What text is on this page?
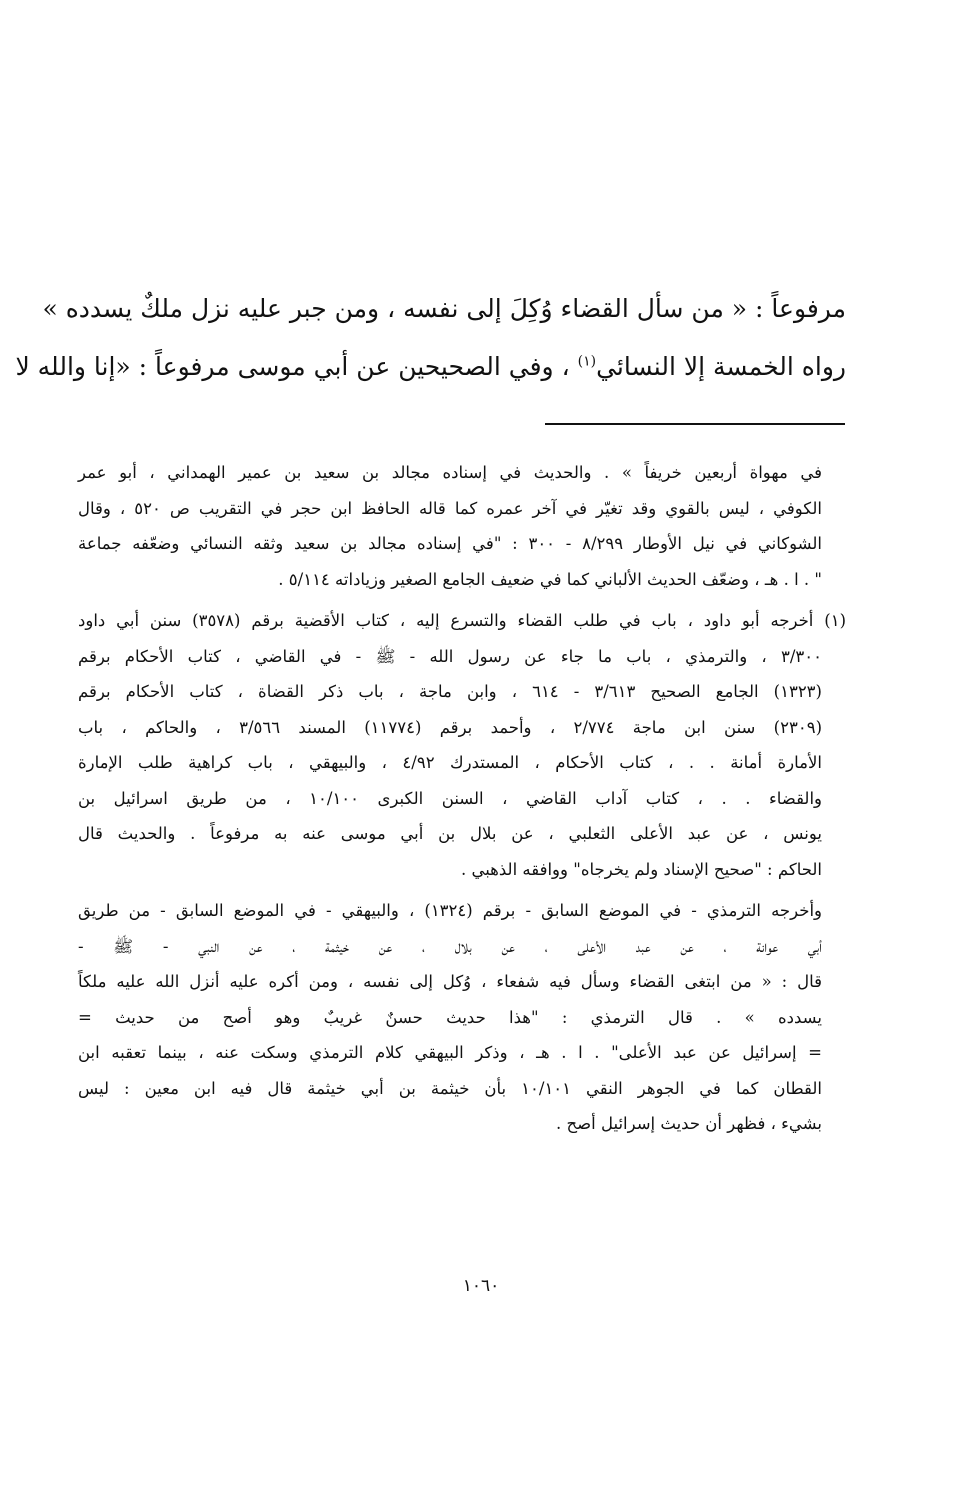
مرفوعاً : « من سأل القضاء وُكِلَ إلى نفسه ، ومن جبر عليه نزل ملكٌ يسدده »
رواه الخمسة إلا النسائي$^{(١)}$ ، وفي الصحيحين عن أبي موسى مرفوعاً : «إنا والله لا
في مهواة أربعين خريفاً » . والحديث في إسناده مجالد بن سعيد بن عمير الهمداني ، أبو عمر
الكوفي ، ليس بالقوي وقد تغيّر في آخر عمره كما قاله الحافظ ابن حجر في التقريب ص ٥٢٠ ، وقال
الشوكاني في نيل الأوطار ٨/٢٩٩ - ٣٠٠ : "في إسناده مجالد بن سعيد وثقه النسائي وضعّفه جماعة
" . ا . هـ ، وضعّف الحديث الألباني كما في ضعيف الجامع الصغير وزياداته ٥/١١٤ .
(١) أخرجه أبو داود ، باب في طلب القضاء والتسرع إليه ، كتاب الأقضية برقم (٣٥٧٨) سنن أبي داود
٣/٣٠٠ ، والترمذي ، باب ما جاء عن رسول الله - ﷺ - في القاضي ، كتاب الأحكام برقم
(١٣٢٣) الجامع الصحيح ٣/٦١٣ - ٦١٤ ، وابن ماجة ، باب ذكر القضاة ، كتاب الأحكام برقم
(٢٣٠٩) سنن ابن ماجة ٢/٧٧٤ ، وأحمد برقم (١١٧٧٤) المسند ٣/٥٦٦ ، والحاكم ، باب
الأمارة أمانة . . ، كتاب الأحكام ، المستدرك ٤/٩٢ ، والبيهقي ، باب كراهية طلب الإمارة
والقضاء . . ، كتاب آداب القاضي ، السنن الكبرى ١٠/١٠٠ ، من طريق اسرائيل بن
يونس ، عن عبد الأعلى الثعلبي ، عن بلال بن أبي موسى عنه به مرفوعاً . والحديث قال
الحاكم : "صحيح الإسناد ولم يخرجاه" ووافقه الذهبي .
وأخرجه الترمذي - في الموضع السابق - برقم (١٣٢٤) ، والبيهقي - في الموضع السابق - من طريق
أبي عوانة ، عن عبد الأعلى ، عن بلال ، عن خيثمة ، عن النبي - ﷺ -
قال : « من ابتغى القضاء وسأل فيه شفعاء ، وُكل إلى نفسه ، ومن أكره عليه أنزل الله عليه ملكاً
يسدده » . قال الترمذي : "هذا حديث حسنٌ غريبٌ وهو أصح من حديث =
= إسرائيل عن عبد الأعلى" . ا . هـ ، وذكر البيهقي كلام الترمذي وسكت عنه ، بينما تعقبه ابن
القطان كما في الجوهر النقي ١٠/١٠١ بأن خيثمة بن أبي خيثمة قال فيه ابن معين : ليس
بشيء ، فظهر أن حديث إسرائيل أصح .
١٠٦٠
